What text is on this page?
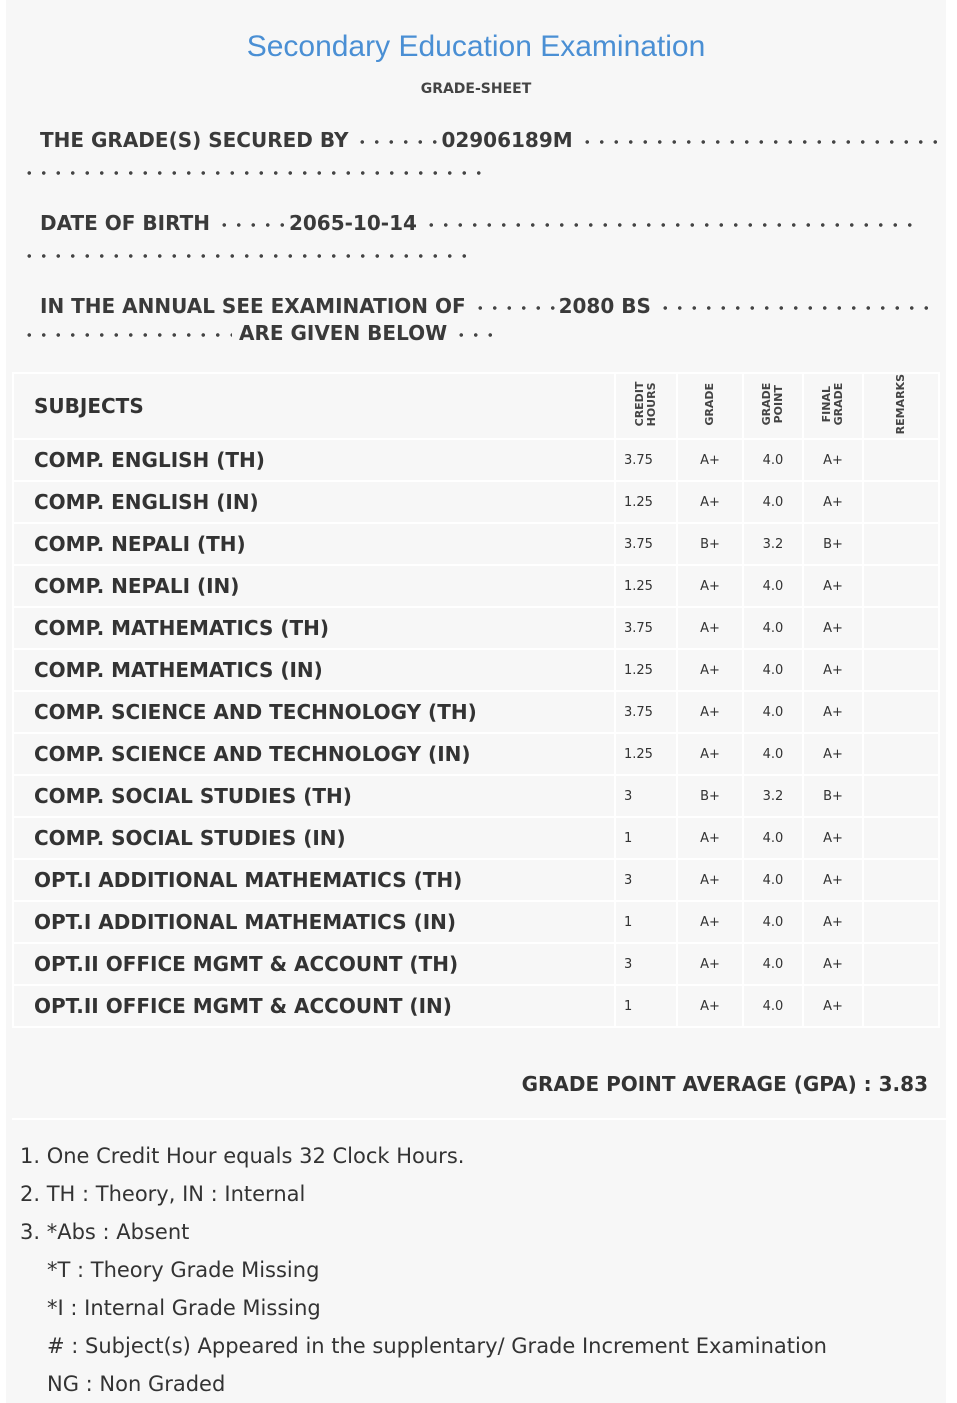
Secondary Education Examination
GRADE-SHEET
THE GRADE(S) SECURED BY	02906189M
DATE OF BIRTH	2065-10-14
IN THE ANNUAL SEE EXAMINATION OF	2080 BS
ARE GIVEN BELOW
SUBJECTS	CREDIT HOURS	GRADE	GRADE POINT	FINAL GRADE	REMARKS
COMP. ENGLISH (TH)	3.75	A+	4.0	A+	
COMP. ENGLISH (IN)	1.25	A+	4.0	A+	
COMP. NEPALI (TH)	3.75	B+	3.2	B+	
COMP. NEPALI (IN)	1.25	A+	4.0	A+	
COMP. MATHEMATICS (TH)	3.75	A+	4.0	A+	
COMP. MATHEMATICS (IN)	1.25	A+	4.0	A+	
COMP. SCIENCE AND TECHNOLOGY (TH)	3.75	A+	4.0	A+	
COMP. SCIENCE AND TECHNOLOGY (IN)	1.25	A+	4.0	A+	
COMP. SOCIAL STUDIES (TH)	3	B+	3.2	B+	
COMP. SOCIAL STUDIES (IN)	1	A+	4.0	A+	
OPT.I ADDITIONAL MATHEMATICS (TH)	3	A+	4.0	A+	
OPT.I ADDITIONAL MATHEMATICS (IN)	1	A+	4.0	A+	
OPT.II OFFICE MGMT & ACCOUNT (TH)	3	A+	4.0	A+	
OPT.II OFFICE MGMT & ACCOUNT (IN)	1	A+	4.0	A+	
GRADE POINT AVERAGE (GPA) : 3.83
1. One Credit Hour equals 32 Clock Hours.
2. TH : Theory, IN : Internal
3. *Abs : Absent
*T : Theory Grade Missing
*I : Internal Grade Missing
# : Subject(s) Appeared in the supplentary/ Grade Increment Examination
NG : Non Graded
